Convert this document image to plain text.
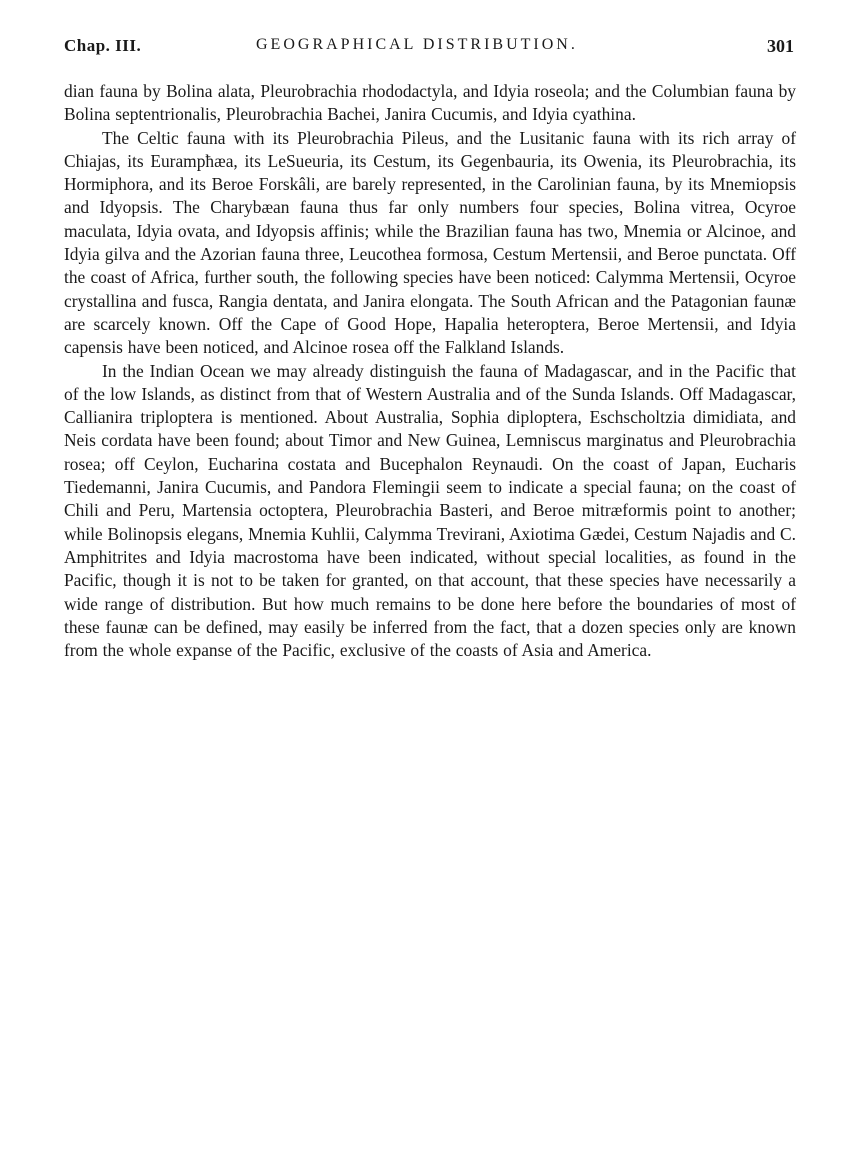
Chap. III.	GEOGRAPHICAL DISTRIBUTION.	301

dian fauna by Bolina alata, Pleurobrachia rhododactyla, and Idyia roseola; and the Columbian fauna by Bolina septentrionalis, Pleurobrachia Bachei, Janira Cucumis, and Idyia cyathina.

The Celtic fauna with its Pleurobrachia Pileus, and the Lusitanic fauna with its rich array of Chiajas, its Eurampħæa, its LeSueuria, its Cestum, its Gegenbauria, its Owenia, its Pleurobrachia, its Hormiphora, and its Beroe Forskâli, are barely represented, in the Carolinian fauna, by its Mnemiopsis and Idyopsis. The Charybæan fauna thus far only numbers four species, Bolina vitrea, Ocyroe maculata, Idyia ovata, and Idyopsis affinis; while the Brazilian fauna has two, Mnemia or Alcinoe, and Idyia gilva and the Azorian fauna three, Leucothea formosa, Cestum Mertensii, and Beroe punctata. Off the coast of Africa, further south, the following species have been noticed: Calymma Mertensii, Ocyroe crystallina and fusca, Rangia dentata, and Janira elongata. The South African and the Patagonian faunæ are scarcely known. Off the Cape of Good Hope, Hapalia heteroptera, Beroe Mertensii, and Idyia capensis have been noticed, and Alcinoe rosea off the Falkland Islands.

In the Indian Ocean we may already distinguish the fauna of Madagascar, and in the Pacific that of the low Islands, as distinct from that of Western Australia and of the Sunda Islands. Off Madagascar, Callianira triploptera is mentioned. About Australia, Sophia diploptera, Eschscholtzia dimidiata, and Neis cordata have been found; about Timor and New Guinea, Lemniscus marginatus and Pleurobrachia rosea; off Ceylon, Eucharina costata and Bucephalon Reynaudi. On the coast of Japan, Eucharis Tiedemanni, Janira Cucumis, and Pandora Flemingii seem to indicate a special fauna; on the coast of Chili and Peru, Martensia octoptera, Pleurobrachia Basteri, and Beroe mitræformis point to another; while Bolinopsis elegans, Mnemia Kuhlii, Calymma Trevirani, Axiotima Gædei, Cestum Najadis and C. Amphitrites and Idyia macrostoma have been indicated, without special localities, as found in the Pacific, though it is not to be taken for granted, on that account, that these species have necessarily a wide range of distribution. But how much remains to be done here before the boundaries of most of these faunæ can be defined, may easily be inferred from the fact, that a dozen species only are known from the whole expanse of the Pacific, exclusive of the coasts of Asia and America.
